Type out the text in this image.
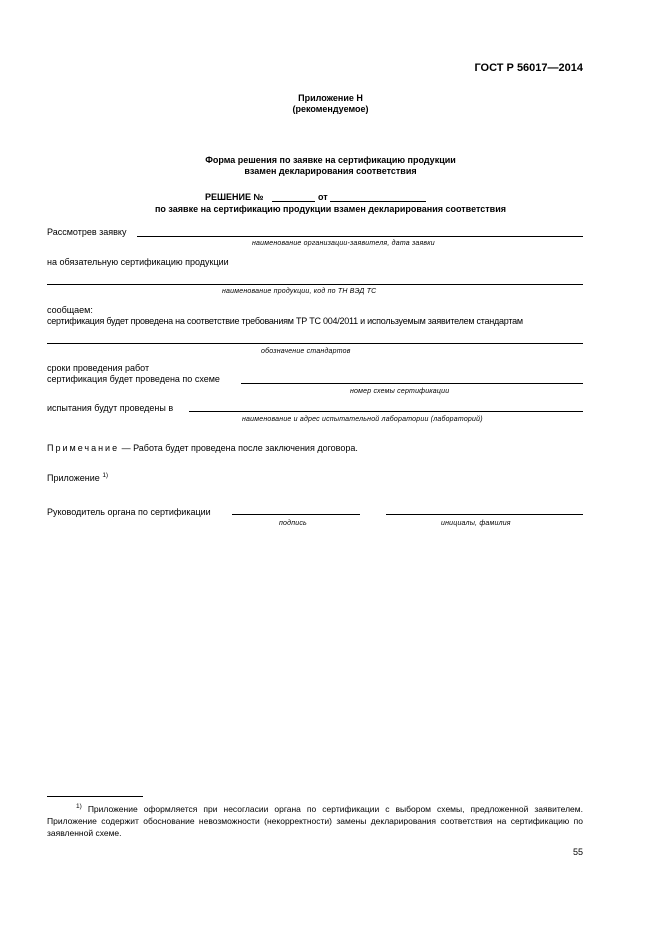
ГОСТ Р 56017—2014
Приложение Н
(рекомендуемое)
Форма решения по заявке на сертификацию продукции
взамен декларирования соответствия
РЕШЕНИЕ №	от
по заявке на сертификацию продукции взамен декларирования соответствия
Рассмотрев заявку
наименование организации-заявителя, дата заявки
на обязательную сертификацию продукции
наименование продукции, код по ТН ВЭД ТС
сообщаем:
сертификация будет проведена на соответствие требованиям ТР ТС 004/2011 и используемым заявителем стандартам
обозначение стандартов
сроки проведения работ
сертификация будет проведена по схеме
номер схемы сертификации
испытания будут проведены в
наименование и адрес испытательной лаборатории (лабораторий)
Примечание — Работа будет проведена после заключения договора.
Приложение $^{1)}$
Руководитель органа по сертификации
подпись	инициалы, фамилия
$^{1)}$ Приложение оформляется при несогласии органа по сертификации с выбором схемы, предложенной заявителем. Приложение содержит обоснование невозможности (некорректности) замены декларирования соответствия на сертификацию по заявленной схеме.
55
